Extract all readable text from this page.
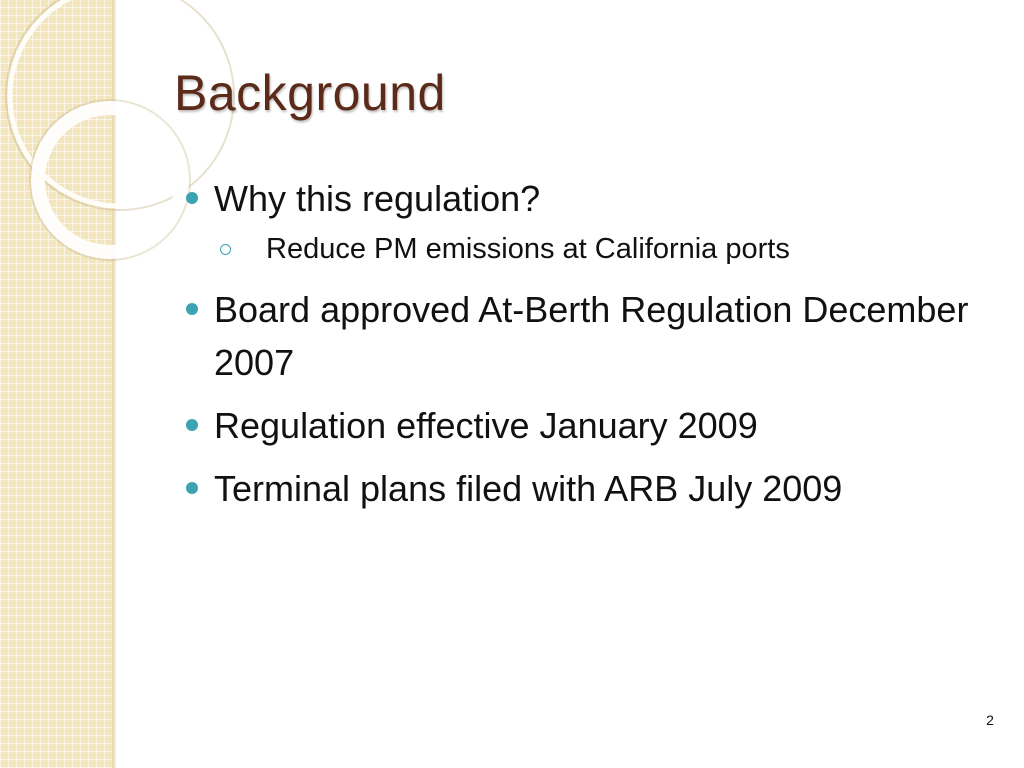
Background
Why this regulation?
Reduce PM emissions at California ports
Board approved At-Berth Regulation December 2007
Regulation effective January 2009
Terminal plans filed with ARB July 2009
2
